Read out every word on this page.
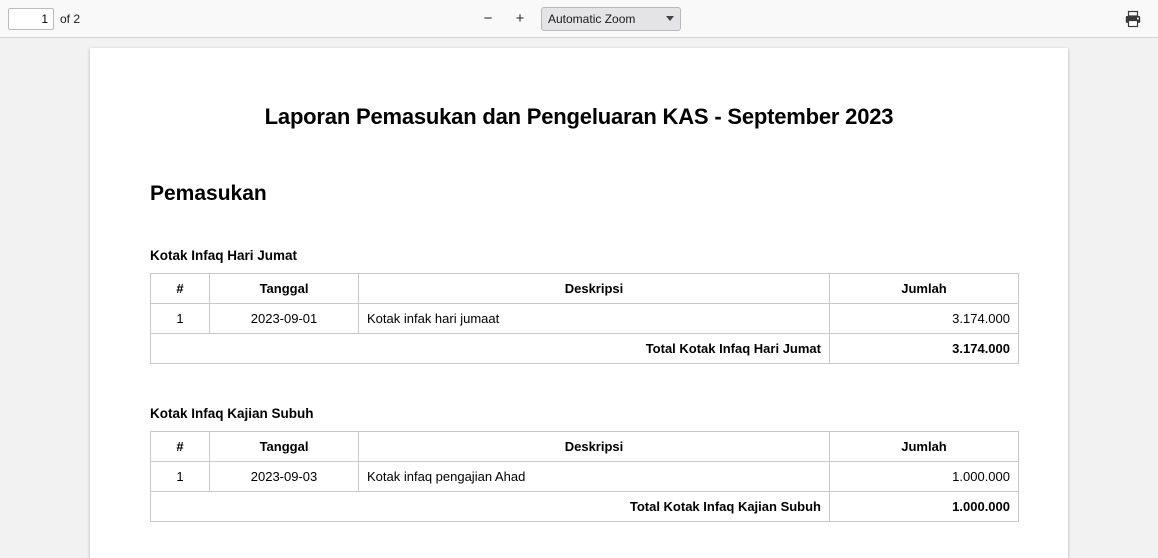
1
of 2	−	+	Automatic Zoom
Laporan Pemasukan dan Pengeluaran KAS - September 2023
Pemasukan
Kotak Infaq Hari Jumat
#	Tanggal	Deskripsi	Jumlah
1	2023-09-01	Kotak infak hari jumaat	3.174.000
Total Kotak Infaq Hari Jumat			3.174.000
Kotak Infaq Kajian Subuh
#	Tanggal	Deskripsi	Jumlah
1	2023-09-03	Kotak infaq pengajian Ahad	1.000.000
Total Kotak Infaq Kajian Subuh			1.000.000
